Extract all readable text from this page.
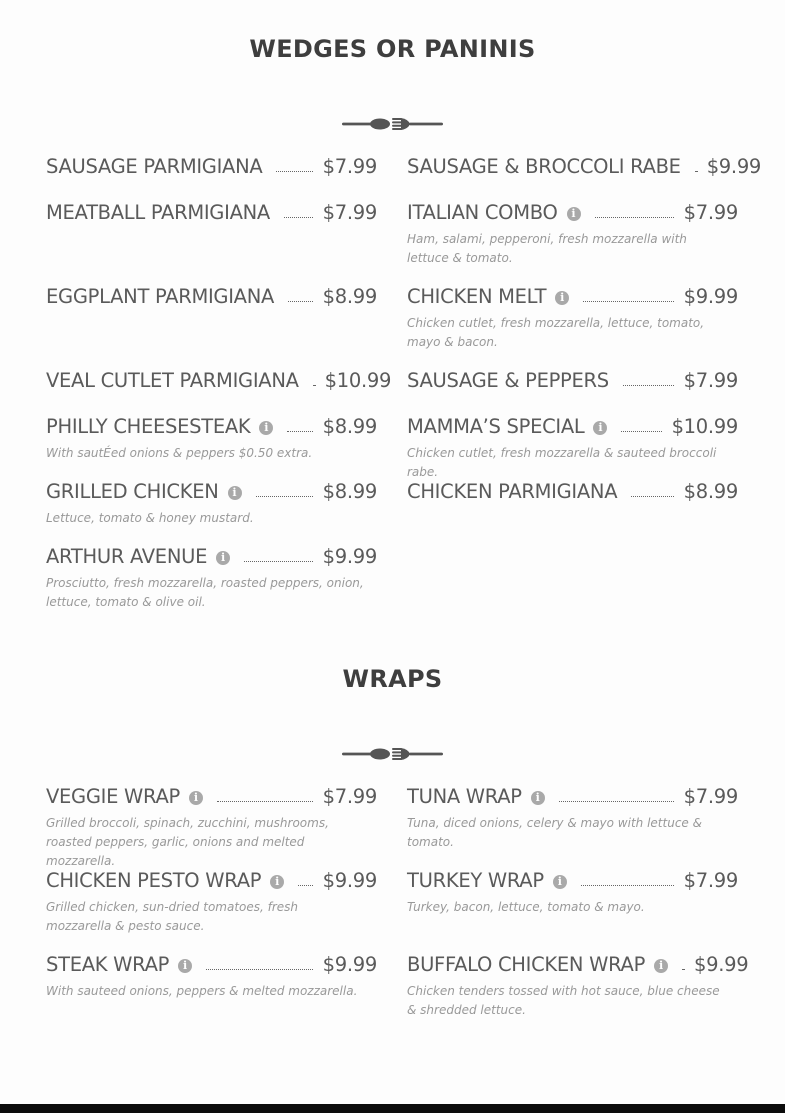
WEDGES OR PANINIS
SAUSAGE PARMIGIANA	$7.99
MEATBALL PARMIGIANA	$7.99
EGGPLANT PARMIGIANA $8.99
VEAL CUTLET PARMIGIANA $10.99
PHILLY CHEESESTEAK	i	$8.99
With sautÉed onions & peppers $0.50 extra.
GRILLED CHICKEN	i	$8.99
Lettuce, tomato & honey mustard.
ARTHUR AVENUE	i	$9.99
Prosciutto, fresh mozzarella, roasted peppers, onion, lettuce, tomato & olive oil.
SAUSAGE & BROCCOLI RABE $9.99
ITALIAN COMBO	i	$7.99
Ham, salami, pepperoni, fresh mozzarella with lettuce & tomato.
CHICKEN MELT	i	$9.99
Chicken cutlet, fresh mozzarella, lettuce, tomato, mayo & bacon.
SAUSAGE & PEPPERS	$7.99
MAMMA’S SPECIAL	i	$10.99
Chicken cutlet, fresh mozzarella & sauteed broccoli rabe.
CHICKEN PARMIGIANA	$8.99
WRAPS
VEGGIE WRAP	i	$7.99
Grilled broccoli, spinach, zucchini, mushrooms, roasted peppers, garlic, onions and melted mozzarella.
CHICKEN PESTO WRAP	i $9.99
Grilled chicken, sun-dried tomatoes, fresh mozzarella & pesto sauce.
STEAK WRAP	i	$9.99
With sauteed onions, peppers & melted mozzarella.
TUNA WRAP	i	$7.99
Tuna, diced onions, celery & mayo with lettuce & tomato.
TURKEY WRAP	i	$7.99
Turkey, bacon, lettuce, tomato & mayo.
BUFFALO CHICKEN WRAP	i $9.99
Chicken tenders tossed with hot sauce, blue cheese & shredded lettuce.
